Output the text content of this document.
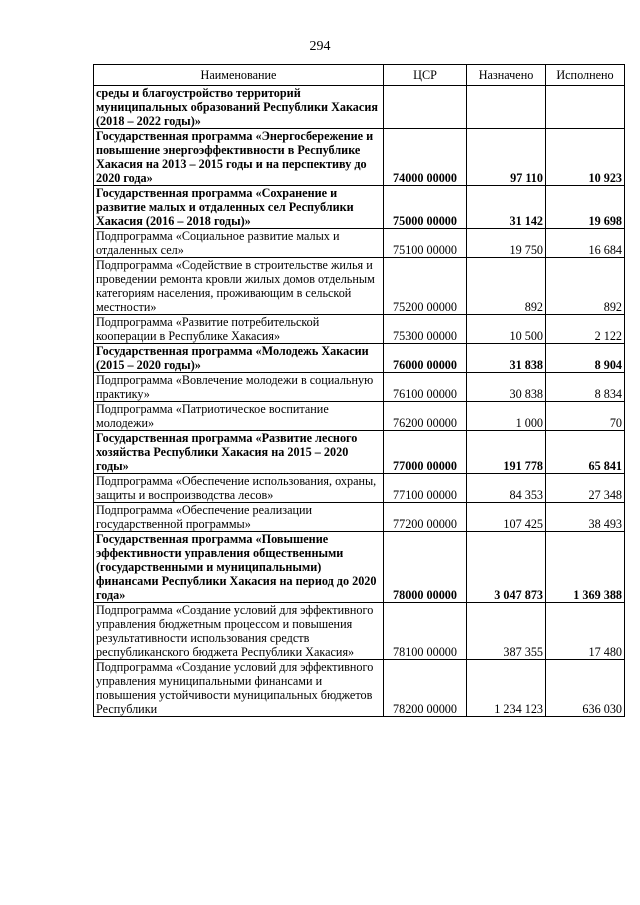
294
Наименование	ЦСР	Назначено	Исполнено
среды и благоустройство территорий муниципальных образований Республики Хакасия (2018 – 2022 годы)»			
Государственная программа «Энергосбережение и повышение энергоэффективности в Республике Хакасия на 2013 – 2015 годы и на перспективу до 2020 года»	74000 00000	97 110	10 923
Государственная программа «Сохранение и развитие малых и отдаленных сел Республики Хакасия (2016 – 2018 годы)»	75000 00000	31 142	19 698
Подпрограмма «Социальное развитие малых и отдаленных сел»	75100 00000	19 750	16 684
Подпрограмма «Содействие в строительстве жилья и проведении ремонта кровли жилых домов отдельным категориям населения, проживающим в сельской местности»	75200 00000	892	892
Подпрограмма «Развитие потребительской кооперации в Республике Хакасия»	75300 00000	10 500	2 122
Государственная программа «Молодежь Хакасии (2015 – 2020 годы)»	76000 00000	31 838	8 904
Подпрограмма «Вовлечение молодежи в социальную практику»	76100 00000	30 838	8 834
Подпрограмма «Патриотическое воспитание молодежи»	76200 00000	1 000	70
Государственная программа «Развитие лесного хозяйства Республики Хакасия на 2015 – 2020 годы»	77000 00000	191 778	65 841
Подпрограмма «Обеспечение использования, охраны, защиты и воспроизводства лесов»	77100 00000	84 353	27 348
Подпрограмма «Обеспечение реализации государственной программы»	77200 00000	107 425	38 493
Государственная программа «Повышение эффективности управления общественными (государственными и муниципальными) финансами Республики Хакасия на период до 2020 года»	78000 00000	3 047 873	1 369 388
Подпрограмма «Создание условий для эффективного управления бюджетным процессом и повышения результативности использования средств республиканского бюджета Республики Хакасия»	78100 00000	387 355	17 480
Подпрограмма «Создание условий для эффективного управления муниципальными финансами и повышения устойчивости муниципальных бюджетов Республики	78200 00000	1 234 123	636 030
